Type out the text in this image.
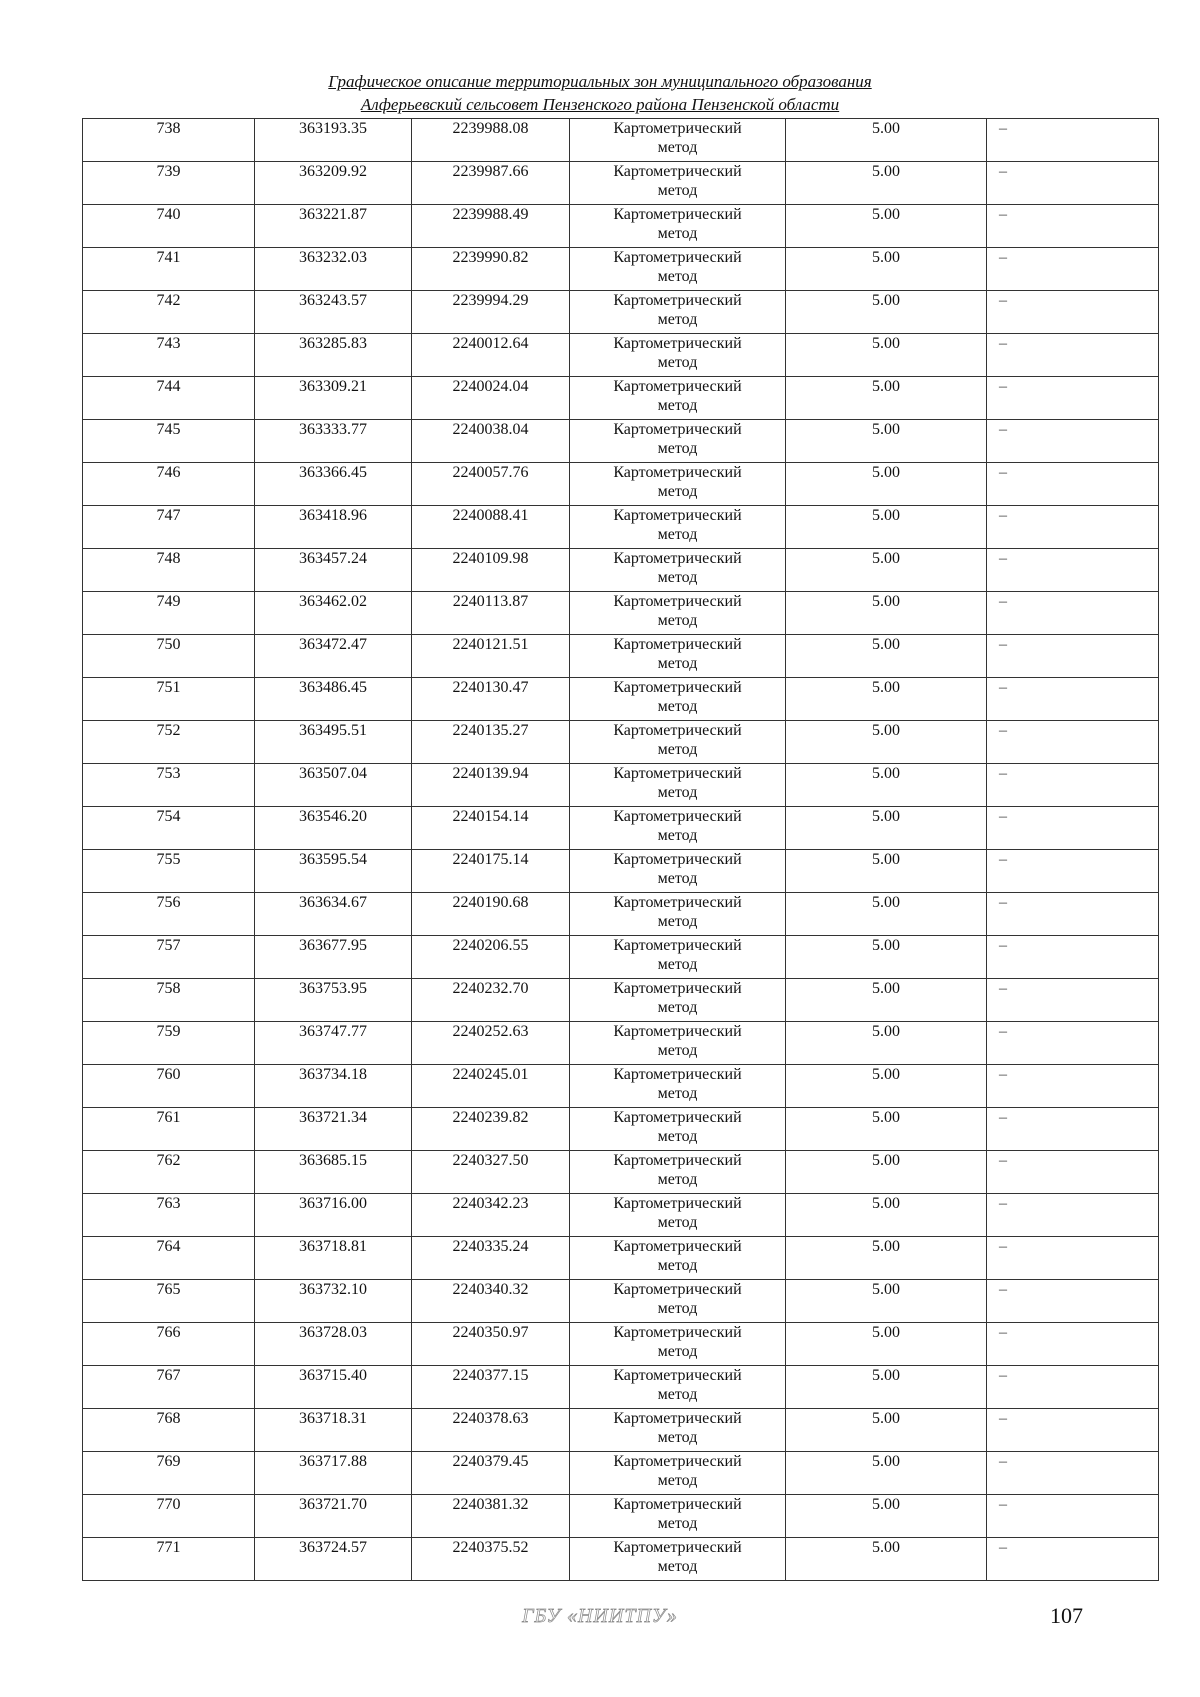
Графическое описание территориальных зон муниципального образования
Алферьевский сельсовет Пензенского района Пензенской области
738	363193.35	2239988.08	Картометрический
метод	5.00	–
739	363209.92	2239987.66	Картометрический
метод	5.00	–
740	363221.87	2239988.49	Картометрический
метод	5.00	–
741	363232.03	2239990.82	Картометрический
метод	5.00	–
742	363243.57	2239994.29	Картометрический
метод	5.00	–
743	363285.83	2240012.64	Картометрический
метод	5.00	–
744	363309.21	2240024.04	Картометрический
метод	5.00	–
745	363333.77	2240038.04	Картометрический
метод	5.00	–
746	363366.45	2240057.76	Картометрический
метод	5.00	–
747	363418.96	2240088.41	Картометрический
метод	5.00	–
748	363457.24	2240109.98	Картометрический
метод	5.00	–
749	363462.02	2240113.87	Картометрический
метод	5.00	–
750	363472.47	2240121.51	Картометрический
метод	5.00	–
751	363486.45	2240130.47	Картометрический
метод	5.00	–
752	363495.51	2240135.27	Картометрический
метод	5.00	–
753	363507.04	2240139.94	Картометрический
метод	5.00	–
754	363546.20	2240154.14	Картометрический
метод	5.00	–
755	363595.54	2240175.14	Картометрический
метод	5.00	–
756	363634.67	2240190.68	Картометрический
метод	5.00	–
757	363677.95	2240206.55	Картометрический
метод	5.00	–
758	363753.95	2240232.70	Картометрический
метод	5.00	–
759	363747.77	2240252.63	Картометрический
метод	5.00	–
760	363734.18	2240245.01	Картометрический
метод	5.00	–
761	363721.34	2240239.82	Картометрический
метод	5.00	–
762	363685.15	2240327.50	Картометрический
метод	5.00	–
763	363716.00	2240342.23	Картометрический
метод	5.00	–
764	363718.81	2240335.24	Картометрический
метод	5.00	–
765	363732.10	2240340.32	Картометрический
метод	5.00	–
766	363728.03	2240350.97	Картометрический
метод	5.00	–
767	363715.40	2240377.15	Картометрический
метод	5.00	–
768	363718.31	2240378.63	Картометрический
метод	5.00	–
769	363717.88	2240379.45	Картометрический
метод	5.00	–
770	363721.70	2240381.32	Картометрический
метод	5.00	–
771	363724.57	2240375.52	Картометрический
метод	5.00	–
ГБУ «НИИТПУ»	107
